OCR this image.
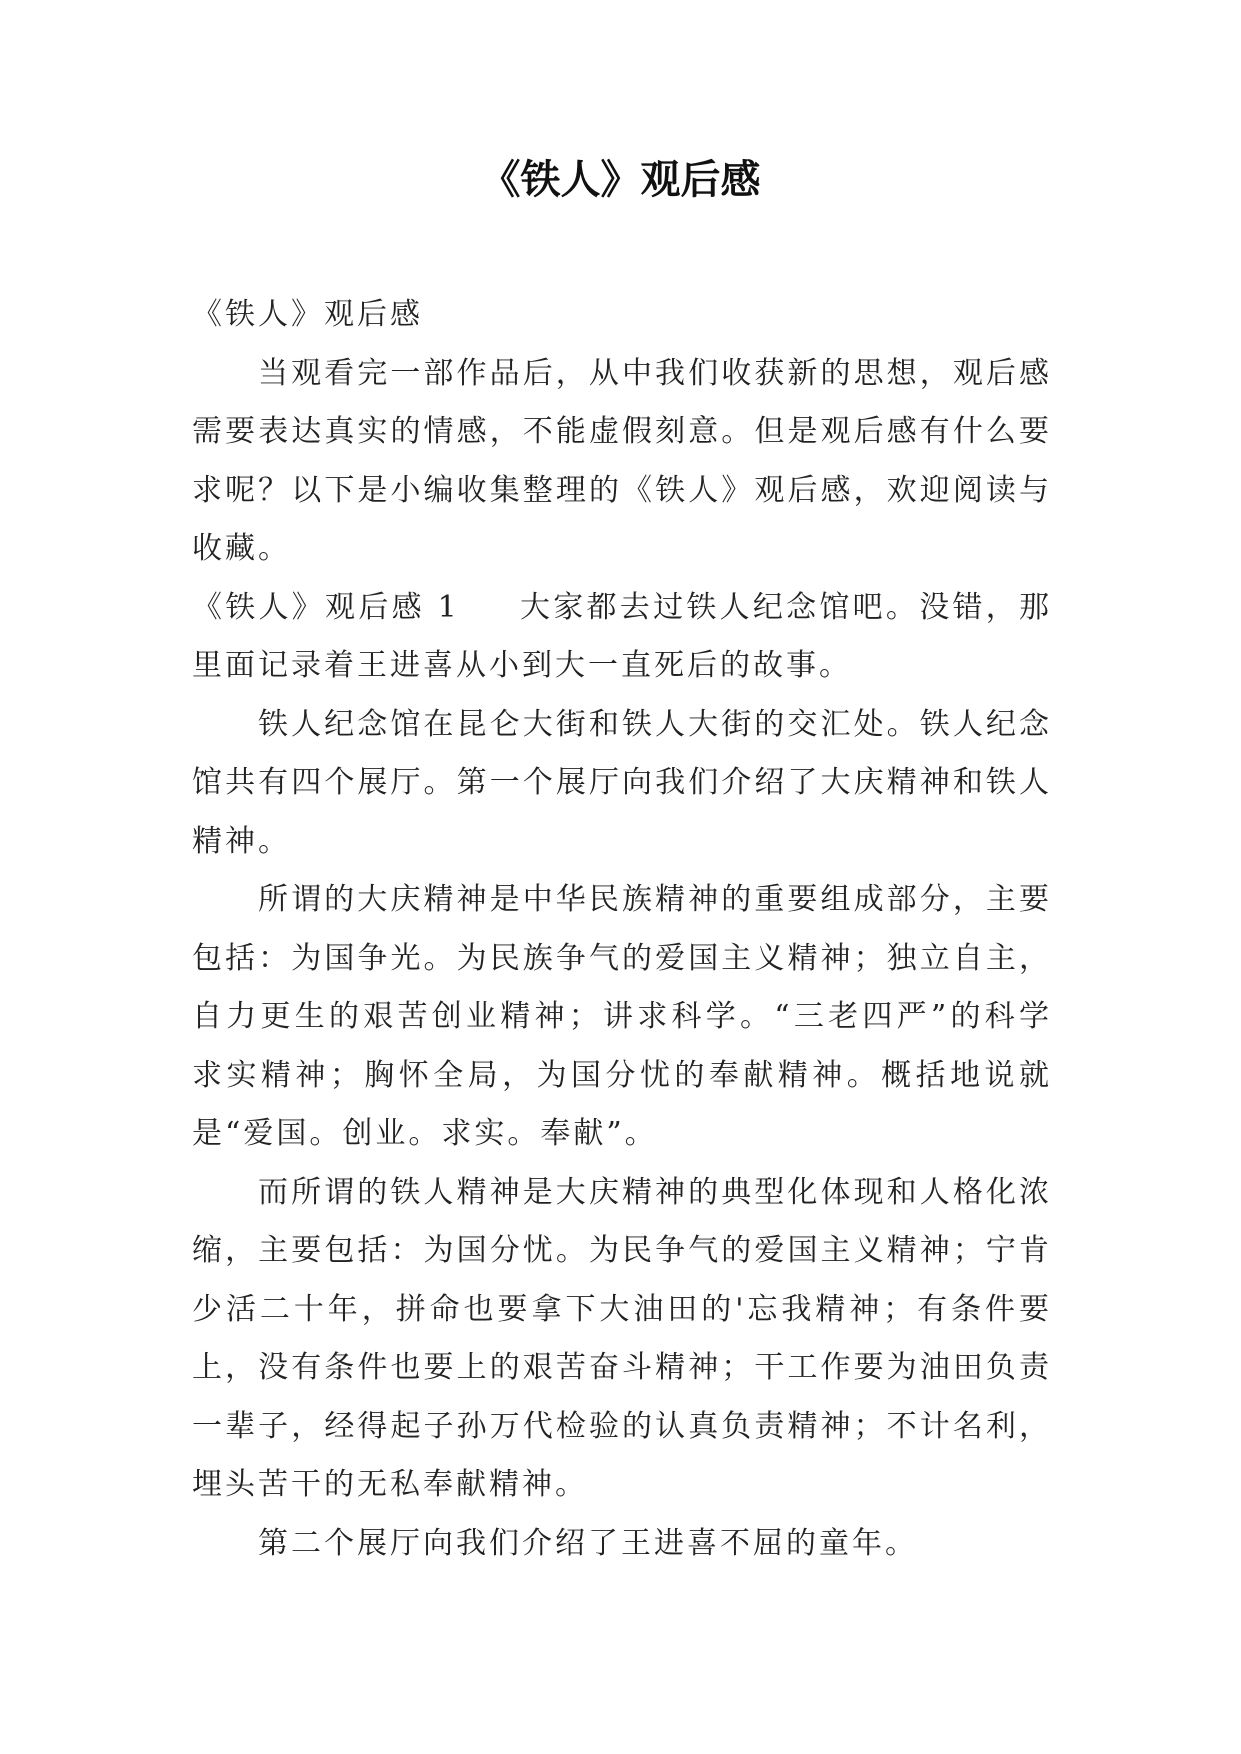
《铁人》观后感

《铁人》观后感

当观看完一部作品后，从中我们收获新的思想，观后感需要表达真实的情感，不能虚假刻意。但是观后感有什么要求呢？以下是小编收集整理的《铁人》观后感，欢迎阅读与收藏。

《铁人》观后感 1 大家都去过铁人纪念馆吧。没错，那里面记录着王进喜从小到大一直死后的故事。

铁人纪念馆在昆仑大街和铁人大街的交汇处。铁人纪念馆共有四个展厅。第一个展厅向我们介绍了大庆精神和铁人精神。

所谓的大庆精神是中华民族精神的重要组成部分，主要包括：为国争光。为民族争气的爱国主义精神；独立自主，自力更生的艰苦创业精神；讲求科学。“三老四严”的科学求实精神；胸怀全局，为国分忧的奉献精神。概括地说就是“爱国。创业。求实。奉献”。

而所谓的铁人精神是大庆精神的典型化体现和人格化浓缩，主要包括：为国分忧。为民争气的爱国主义精神；宁肯少活二十年，拼命也要拿下大油田的'忘我精神；有条件要上，没有条件也要上的艰苦奋斗精神；干工作要为油田负责一辈子，经得起子孙万代检验的认真负责精神；不计名利，埋头苦干的无私奉献精神。

第二个展厅向我们介绍了王进喜不屈的童年。
